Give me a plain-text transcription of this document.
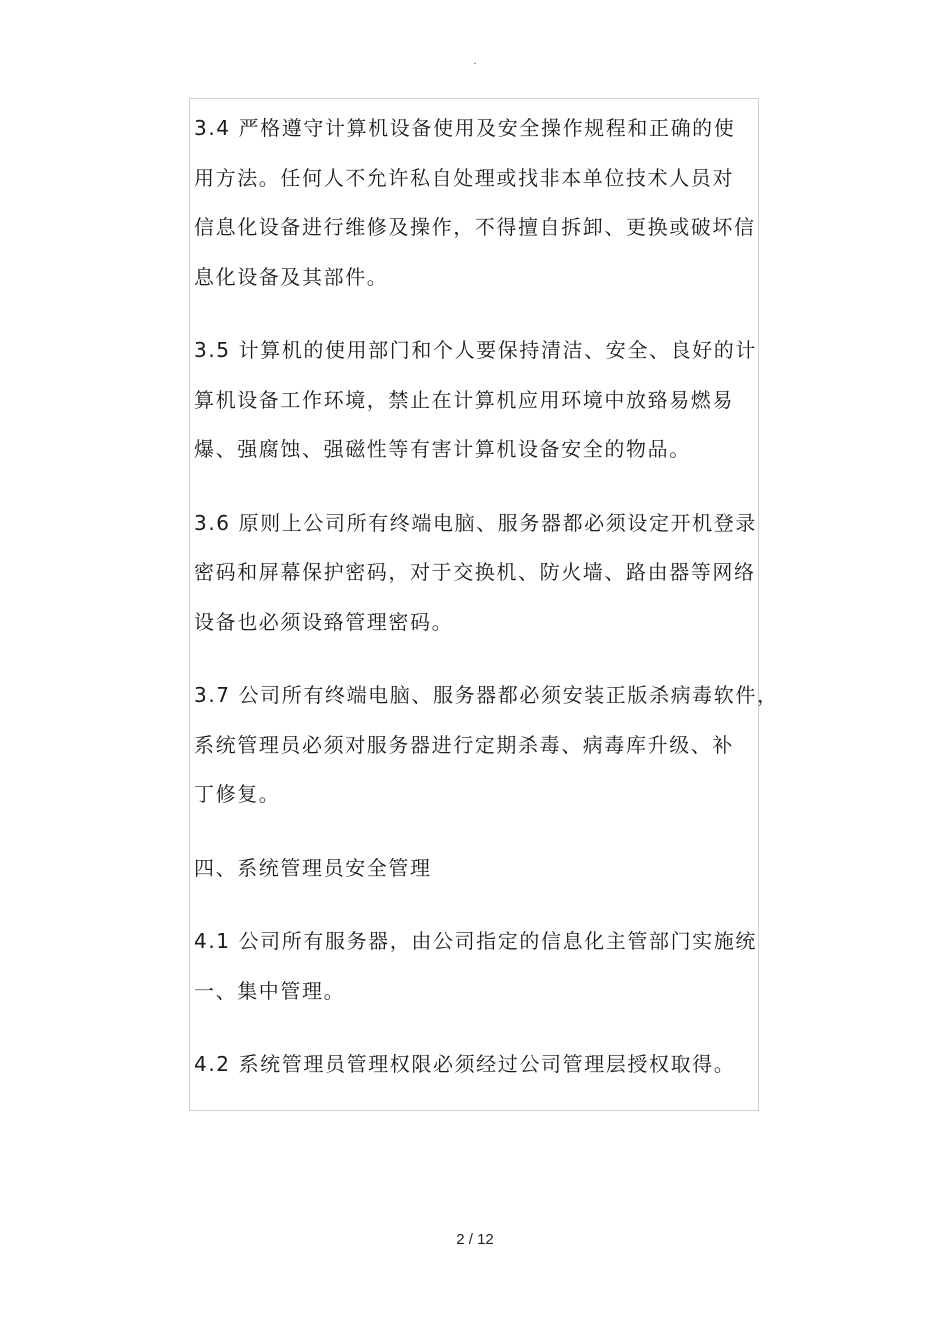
.

3.4 严格遵守计算机设备使用及安全操作规程和正确的使
用方法。任何人不允许私自处理或找非本单位技术人员对
信息化设备进行维修及操作，不得擅自拆卸、更换或破坏信
息化设备及其部件。

3.5 计算机的使用部门和个人要保持清洁、安全、良好的计
算机设备工作环境，禁止在计算机应用环境中放臵易燃易
爆、强腐蚀、强磁性等有害计算机设备安全的物品。

3.6 原则上公司所有终端电脑、服务器都必须设定开机登录
密码和屏幕保护密码，对于交换机、防火墙、路由器等网络
设备也必须设臵管理密码。

3.7 公司所有终端电脑、服务器都必须安装正版杀病毒软件，
系统管理员必须对服务器进行定期杀毒、病毒库升级、补
丁修复。

四、系统管理员安全管理

4.1 公司所有服务器，由公司指定的信息化主管部门实施统
一、集中管理。

4.2 系统管理员管理权限必须经过公司管理层授权取得。

2 / 12
